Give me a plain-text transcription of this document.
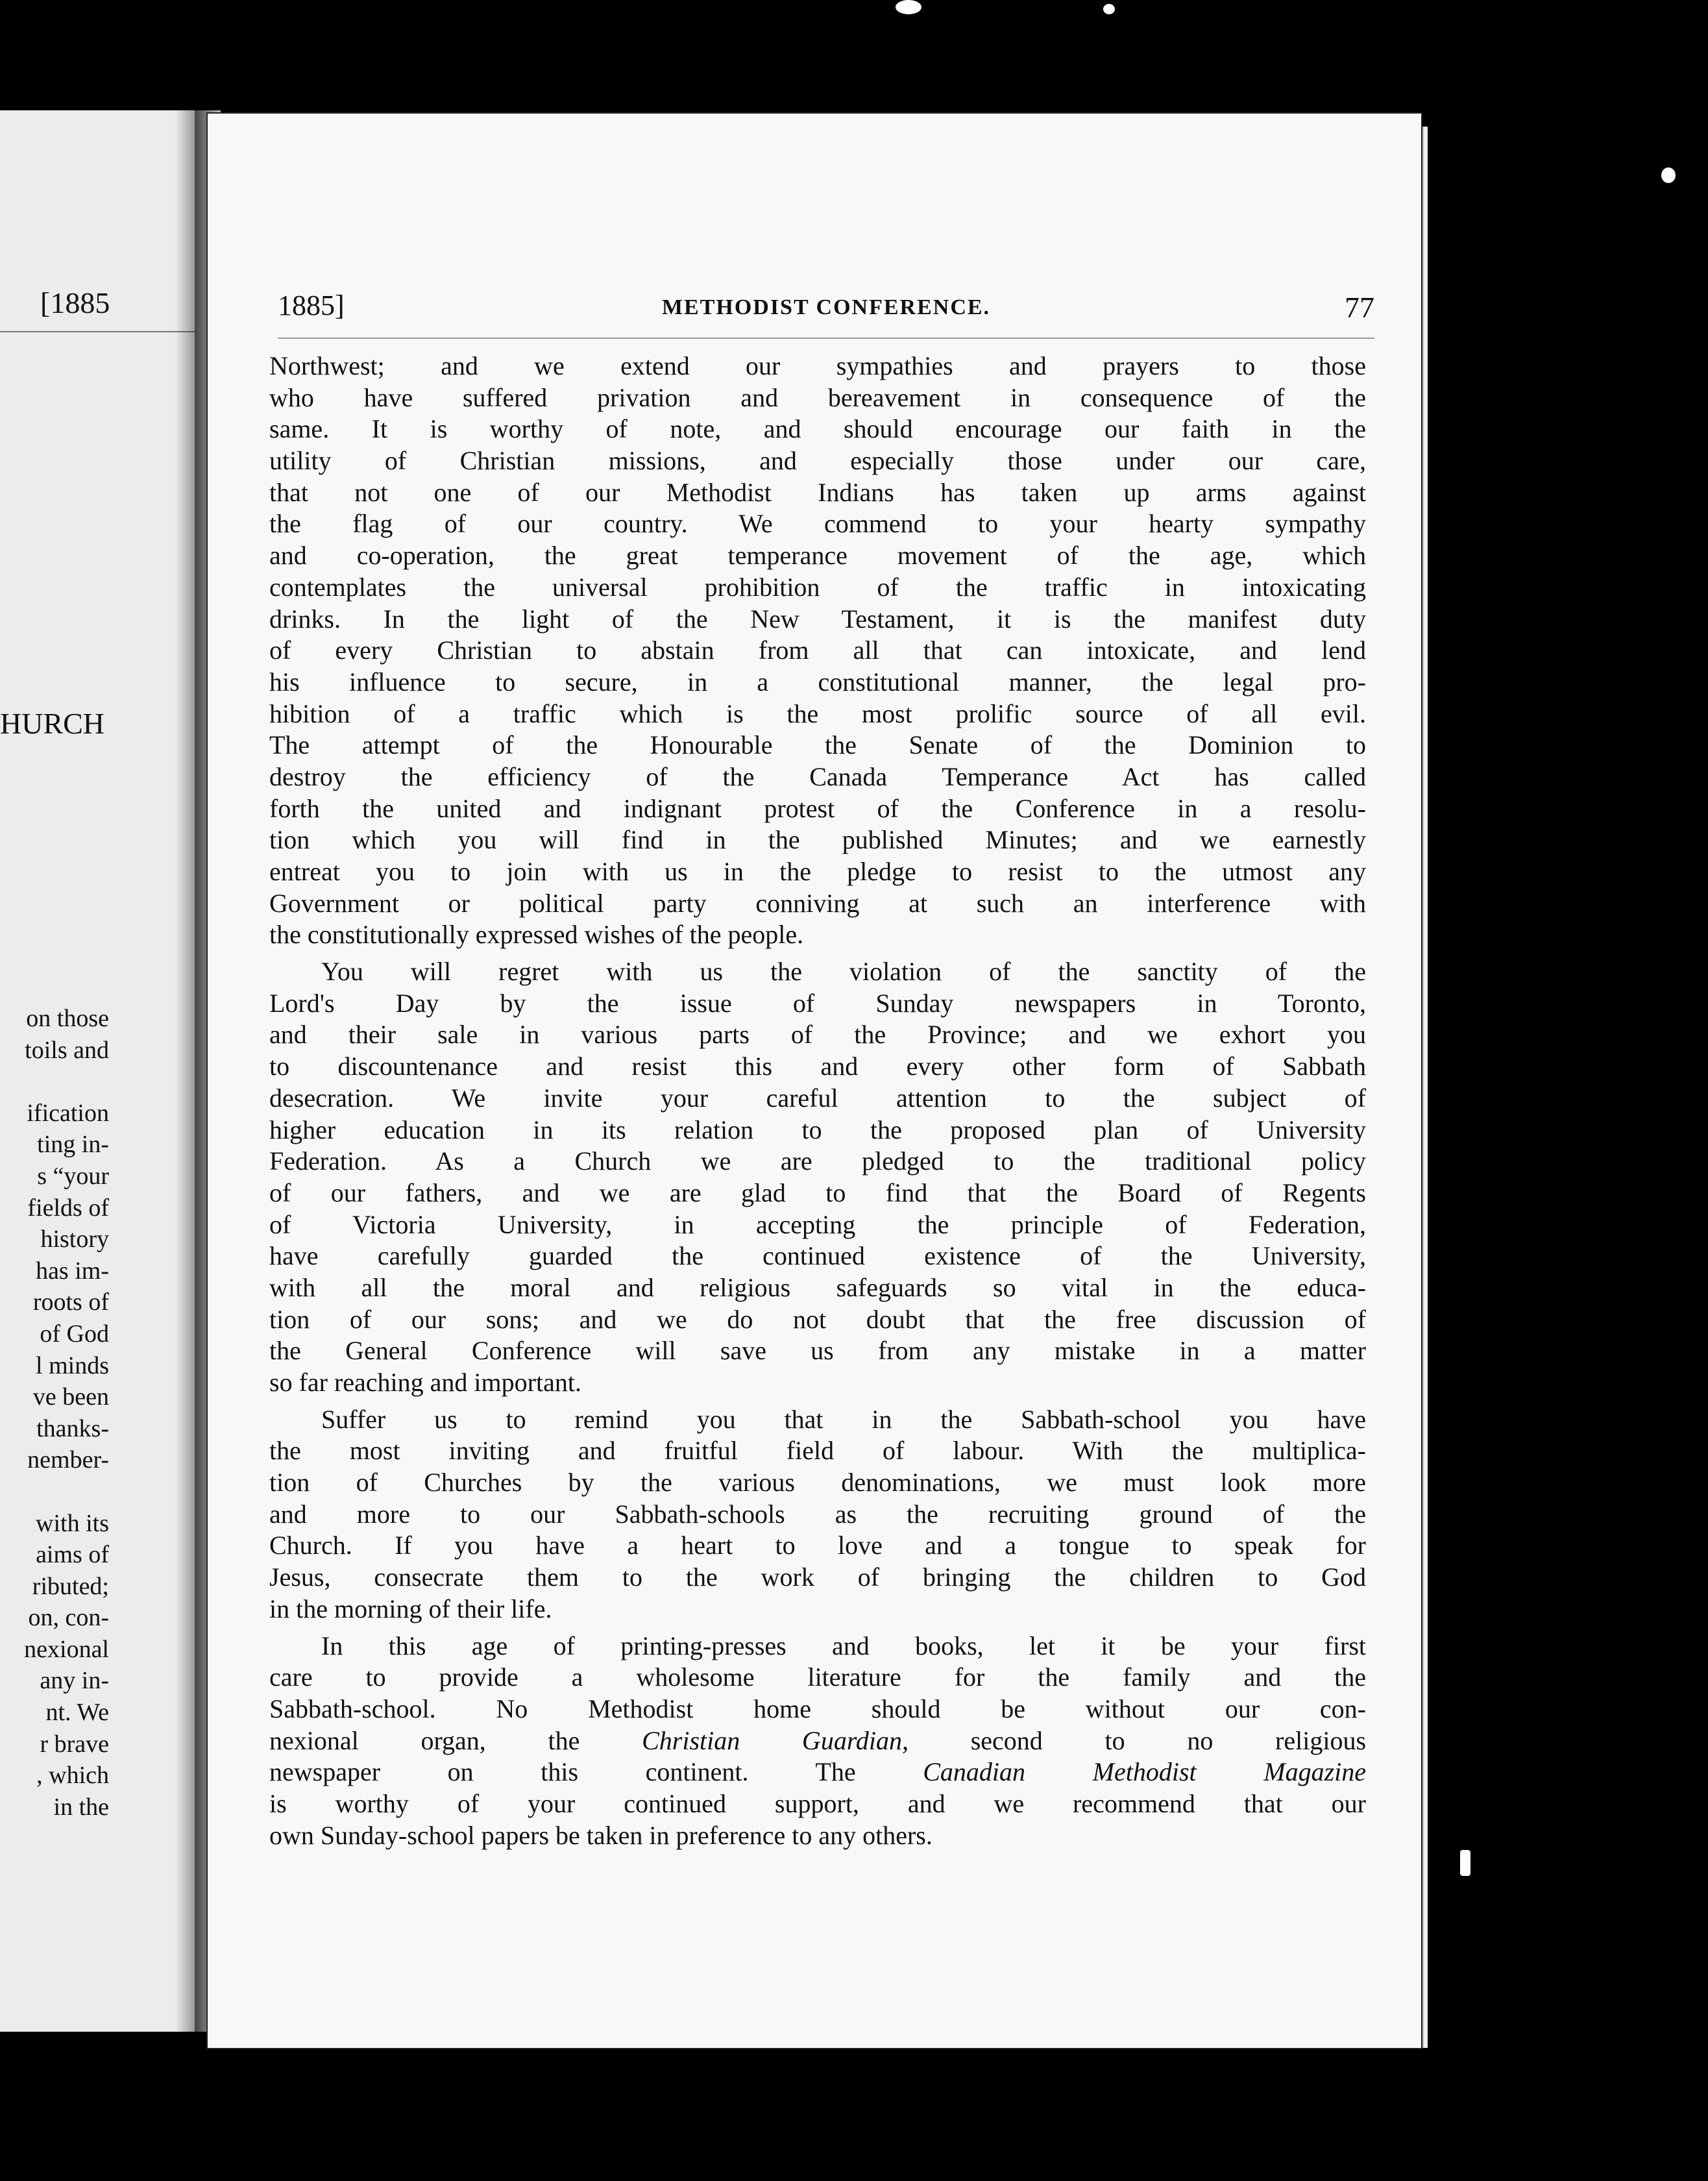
[1885
HURCH
on those
toils and
ification
ting in-
s “your
fields of
history
has im-
roots of
of God
l minds
ve been
thanks-
nember-
with its
aims of
ributed;
on, con-
nexional
any in-
nt. We
r brave
, which
in the
1885]	METHODIST CONFERENCE.	77
Northwest; and we extend our sympathies and prayers to those
who have suffered privation and bereavement in consequence of the
same. It is worthy of note, and should encourage our faith in the
utility of Christian missions, and especially those under our care,
that not one of our Methodist Indians has taken up arms against
the flag of our country. We commend to your hearty sympathy
and co-operation, the great temperance movement of the age, which
contemplates the universal prohibition of the traffic in intoxicating
drinks. In the light of the New Testament, it is the manifest duty
of every Christian to abstain from all that can intoxicate, and lend
his influence to secure, in a constitutional manner, the legal pro-
hibition of a traffic which is the most prolific source of all evil.
The attempt of the Honourable the Senate of the Dominion to
destroy the efficiency of the Canada Temperance Act has called
forth the united and indignant protest of the Conference in a resolu-
tion which you will find in the published Minutes; and we earnestly
entreat you to join with us in the pledge to resist to the utmost any
Government or political party conniving at such an interference with
the constitutionally expressed wishes of the people.
You will regret with us the violation of the sanctity of the
Lord's Day by the issue of Sunday newspapers in Toronto,
and their sale in various parts of the Province; and we exhort you
to discountenance and resist this and every other form of Sabbath
desecration. We invite your careful attention to the subject of
higher education in its relation to the proposed plan of University
Federation. As a Church we are pledged to the traditional policy
of our fathers, and we are glad to find that the Board of Regents
of Victoria University, in accepting the principle of Federation,
have carefully guarded the continued existence of the University,
with all the moral and religious safeguards so vital in the educa-
tion of our sons; and we do not doubt that the free discussion of
the General Conference will save us from any mistake in a matter
so far reaching and important.
Suffer us to remind you that in the Sabbath-school you have
the most inviting and fruitful field of labour. With the multiplica-
tion of Churches by the various denominations, we must look more
and more to our Sabbath-schools as the recruiting ground of the
Church. If you have a heart to love and a tongue to speak for
Jesus, consecrate them to the work of bringing the children to God
in the morning of their life.
In this age of printing-presses and books, let it be your first
care to provide a wholesome literature for the family and the
Sabbath-school. No Methodist home should be without our con-
nexional organ, the Christian Guardian, second to no religious
newspaper on this continent. The Canadian Methodist Magazine
is worthy of your continued support, and we recommend that our
own Sunday-school papers be taken in preference to any others.
